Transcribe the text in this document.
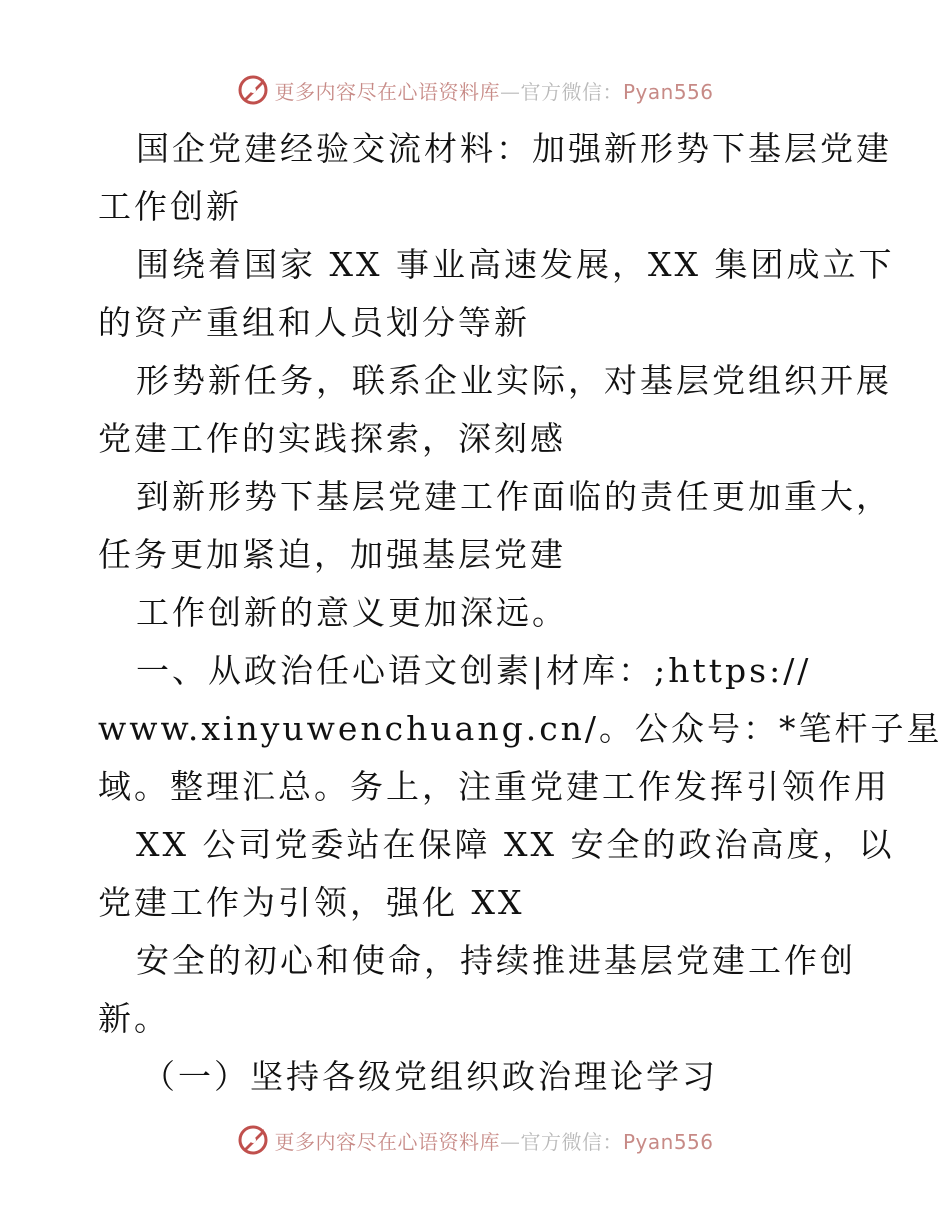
更多内容尽在心语资料库—官方微信：Pyan556
国企党建经验交流材料：加强新形势下基层党建
工作创新
围绕着国家 XX 事业高速发展，XX 集团成立下
的资产重组和人员划分等新
形势新任务，联系企业实际，对基层党组织开展
党建工作的实践探索，深刻感
到新形势下基层党建工作面临的责任更加重大，
任务更加紧迫，加强基层党建
工作创新的意义更加深远。
一、从政治任心语文创素|材库：;https://
www.xinyuwenchuang.cn/。公众号：*笔杆子星
域。整理汇总。务上，注重党建工作发挥引领作用
XX 公司党委站在保障 XX 安全的政治高度，以
党建工作为引领，强化 XX
安全的初心和使命，持续推进基层党建工作创
新。
（一）坚持各级党组织政治理论学习
更多内容尽在心语资料库—官方微信：Pyan556
